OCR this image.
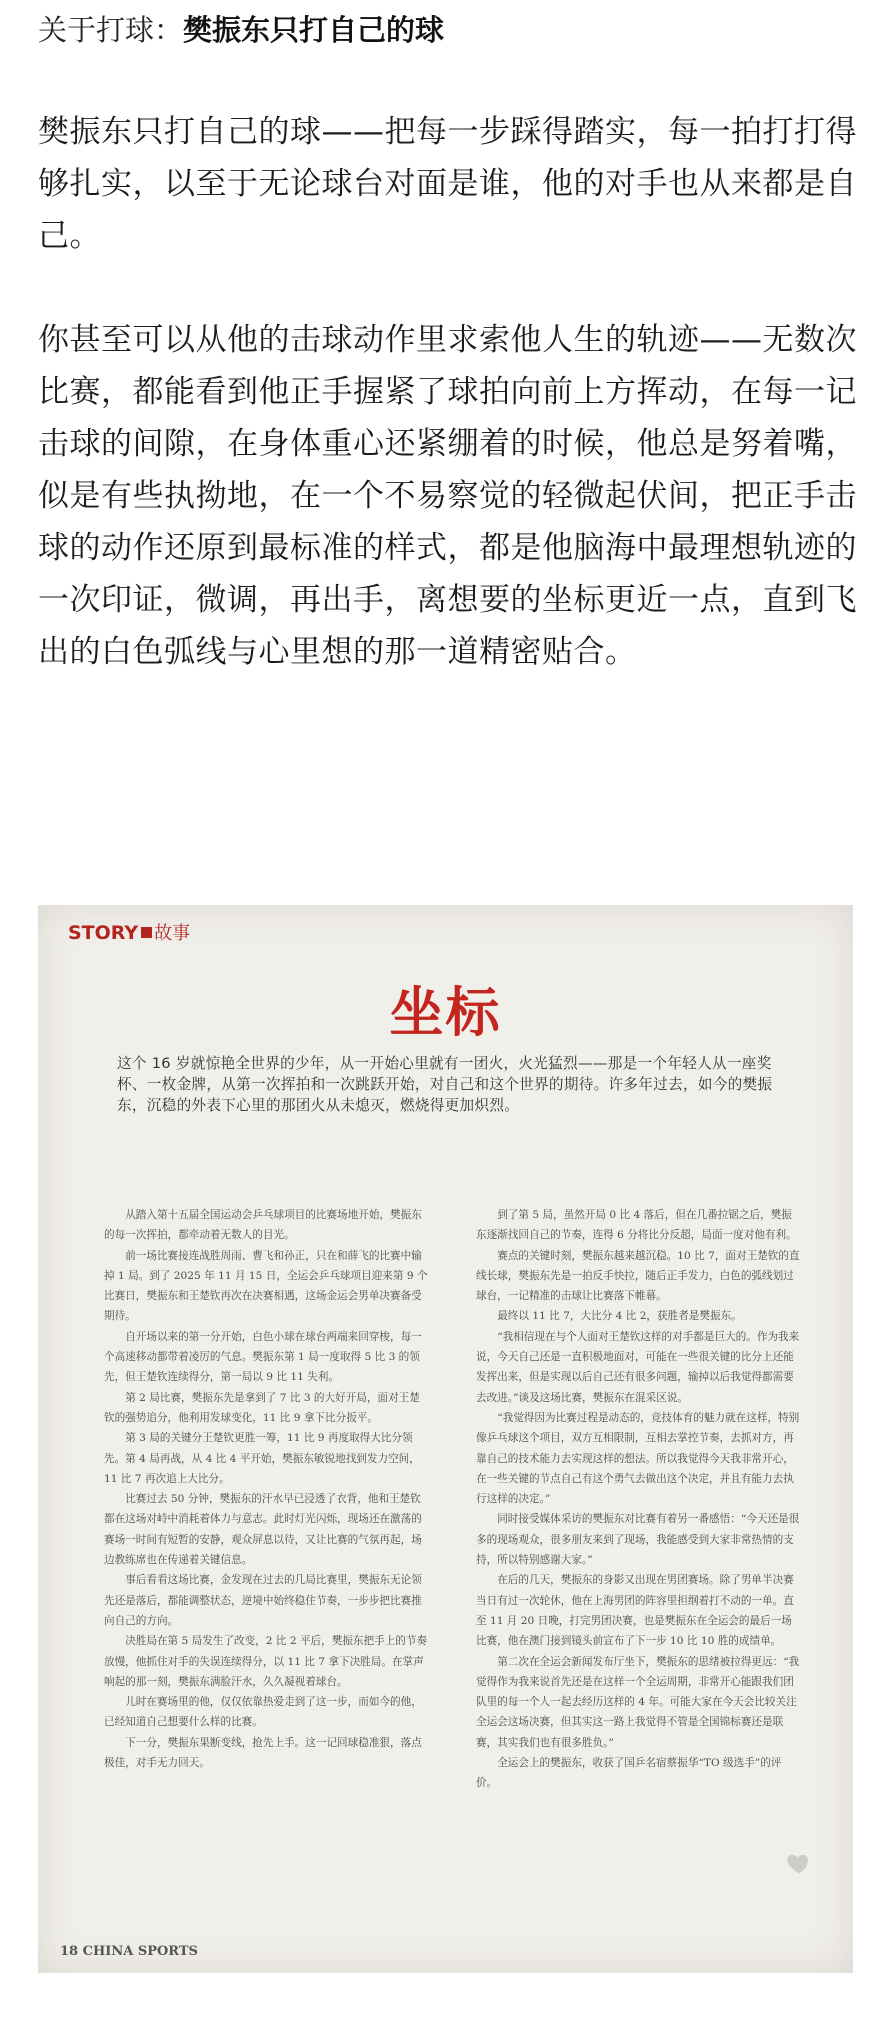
关于打球：樊振东只打自己的球

樊振东只打自己的球——把每一步踩得踏实，每一拍打打得够扎实，以至于无论球台对面是谁，他的对手也从来都是自己。

你甚至可以从他的击球动作里求索他人生的轨迹——无数次比赛，都能看到他正手握紧了球拍向前上方挥动，在每一记击球的间隙，在身体重心还紧绷着的时候，他总是努着嘴，似是有些执拗地，在一个不易察觉的轻微起伏间，把正手击球的动作还原到最标准的样式，都是他脑海中最理想轨迹的一次印证，微调，再出手，离想要的坐标更近一点，直到飞出的白色弧线与心里想的那一道精密贴合。

STORY 故事
坐标
这个 16 岁就惊艳全世界的少年，从一开始心里就有一团火，火光猛烈——那是一个年轻人从一座奖杯、一枚金牌，从第一次挥拍和一次跳跃开始，对自己和这个世界的期待。许多年过去，如今的樊振东，沉稳的外表下心里的那团火从未熄灭，燃烧得更加炽烈。

从踏入第十五届全国运动会乒乓球项目的比赛场地开始，樊振东的每一次挥拍，都牵动着无数人的目光。

前一场比赛接连战胜周雨、曹飞和孙正，只在和薛飞的比赛中输掉 1 局。到了 2025 年 11 月 15 日，全运会乒乓球项目迎来第 9 个比赛日，樊振东和王楚钦再次在决赛相遇，这场金运会男单决赛备受期待。

自开场以来的第一分开始，白色小球在球台两端来回穿梭，每一个高速移动都带着凌厉的气息。樊振东第 1 局一度取得 5 比 3 的领先，但王楚钦连续得分，第一局以 9 比 11 失利。

第 2 局比赛，樊振东先是拿到了 7 比 3 的大好开局，面对王楚钦的强势追分，他利用发球变化，11 比 9 拿下比分扳平。

第 3 局的关键分王楚钦更胜一筹，11 比 9 再度取得大比分领先。第 4 局再战，从 4 比 4 平开始，樊振东敏锐地找到发力空间，11 比 7 再次追上大比分。

比赛过去 50 分钟，樊振东的汗水早已浸透了衣背，他和王楚钦都在这场对峙中消耗着体力与意志。此时灯光闪烁，现场还在激荡的赛场一时间有短暂的安静，观众屏息以待，又让比赛的气氛再起，场边教练席也在传递着关键信息。

事后看看这场比赛，金发现在过去的几局比赛里，樊振东无论领先还是落后，都能调整状态，逆境中始终稳住节奏，一步步把比赛推向自己的方向。

决胜局在第 5 局发生了改变，2 比 2 平后，樊振东把手上的节奏放慢，他抓住对手的失误连续得分，以 11 比 7 拿下决胜局。在掌声响起的那一刻，樊振东满脸汗水，久久凝视着球台。

儿时在赛场里的他，仅仅依靠热爱走到了这一步，而如今的他，已经知道自己想要什么样的比赛。

下一分，樊振东果断变线，抢先上手。这一记回球稳准狠，落点极佳，对手无力回天。

到了第 5 局，虽然开局 0 比 4 落后，但在几番拉锯之后，樊振东逐渐找回自己的节奏，连得 6 分将比分反超，局面一度对他有利。

赛点的关键时刻，樊振东越来越沉稳。10 比 7，面对王楚钦的直线长球，樊振东先是一拍反手快拉，随后正手发力，白色的弧线划过球台，一记精准的击球让比赛落下帷幕。

最终以 11 比 7，大比分 4 比 2，获胜者是樊振东。

“我相信现在与个人面对王楚钦这样的对手都是巨大的。作为我来说，今天自己还是一直积极地面对，可能在一些很关键的比分上还能发挥出来，但是实现以后自己还有很多问题，输掉以后我觉得都需要去改进。”谈及这场比赛，樊振东在混采区说。

“我觉得因为比赛过程是动态的，竞技体育的魅力就在这样，特别像乒乓球这个项目，双方互相限制，互相去掌控节奏，去抓对方，再靠自己的技术能力去实现这样的想法。所以我觉得今天我非常开心，在一些关键的节点自己有这个勇气去做出这个决定，并且有能力去执行这样的决定。”

同时接受媒体采访的樊振东对比赛有着另一番感悟：“今天还是很多的现场观众，很多朋友来到了现场，我能感受到大家非常热情的支持，所以特别感谢大家。”

在后的几天，樊振东的身影又出现在男团赛场。除了男单半决赛当日有过一次轮休，他在上海男团的阵容里担纲着打不动的一单。直至 11 月 20 日晚，打完男团决赛，也是樊振东在全运会的最后一场比赛，他在澳门接到镜头前宣布了下一步 10 比 10 胜的成绩单。

第二次在全运会新闻发布厅坐下，樊振东的思绪被拉得更远：“我觉得作为我来说首先还是在这样一个全运周期，非常开心能跟我们团队里的每一个人一起去经历这样的 4 年。可能大家在今天会比较关注全运会这场决赛，但其实这一路上我觉得不管是全国锦标赛还是联赛，其实我们也有很多胜负。”

全运会上的樊振东，收获了国乒名宿蔡振华“TO 级选手”的评价。

18 CHINA SPORTS
